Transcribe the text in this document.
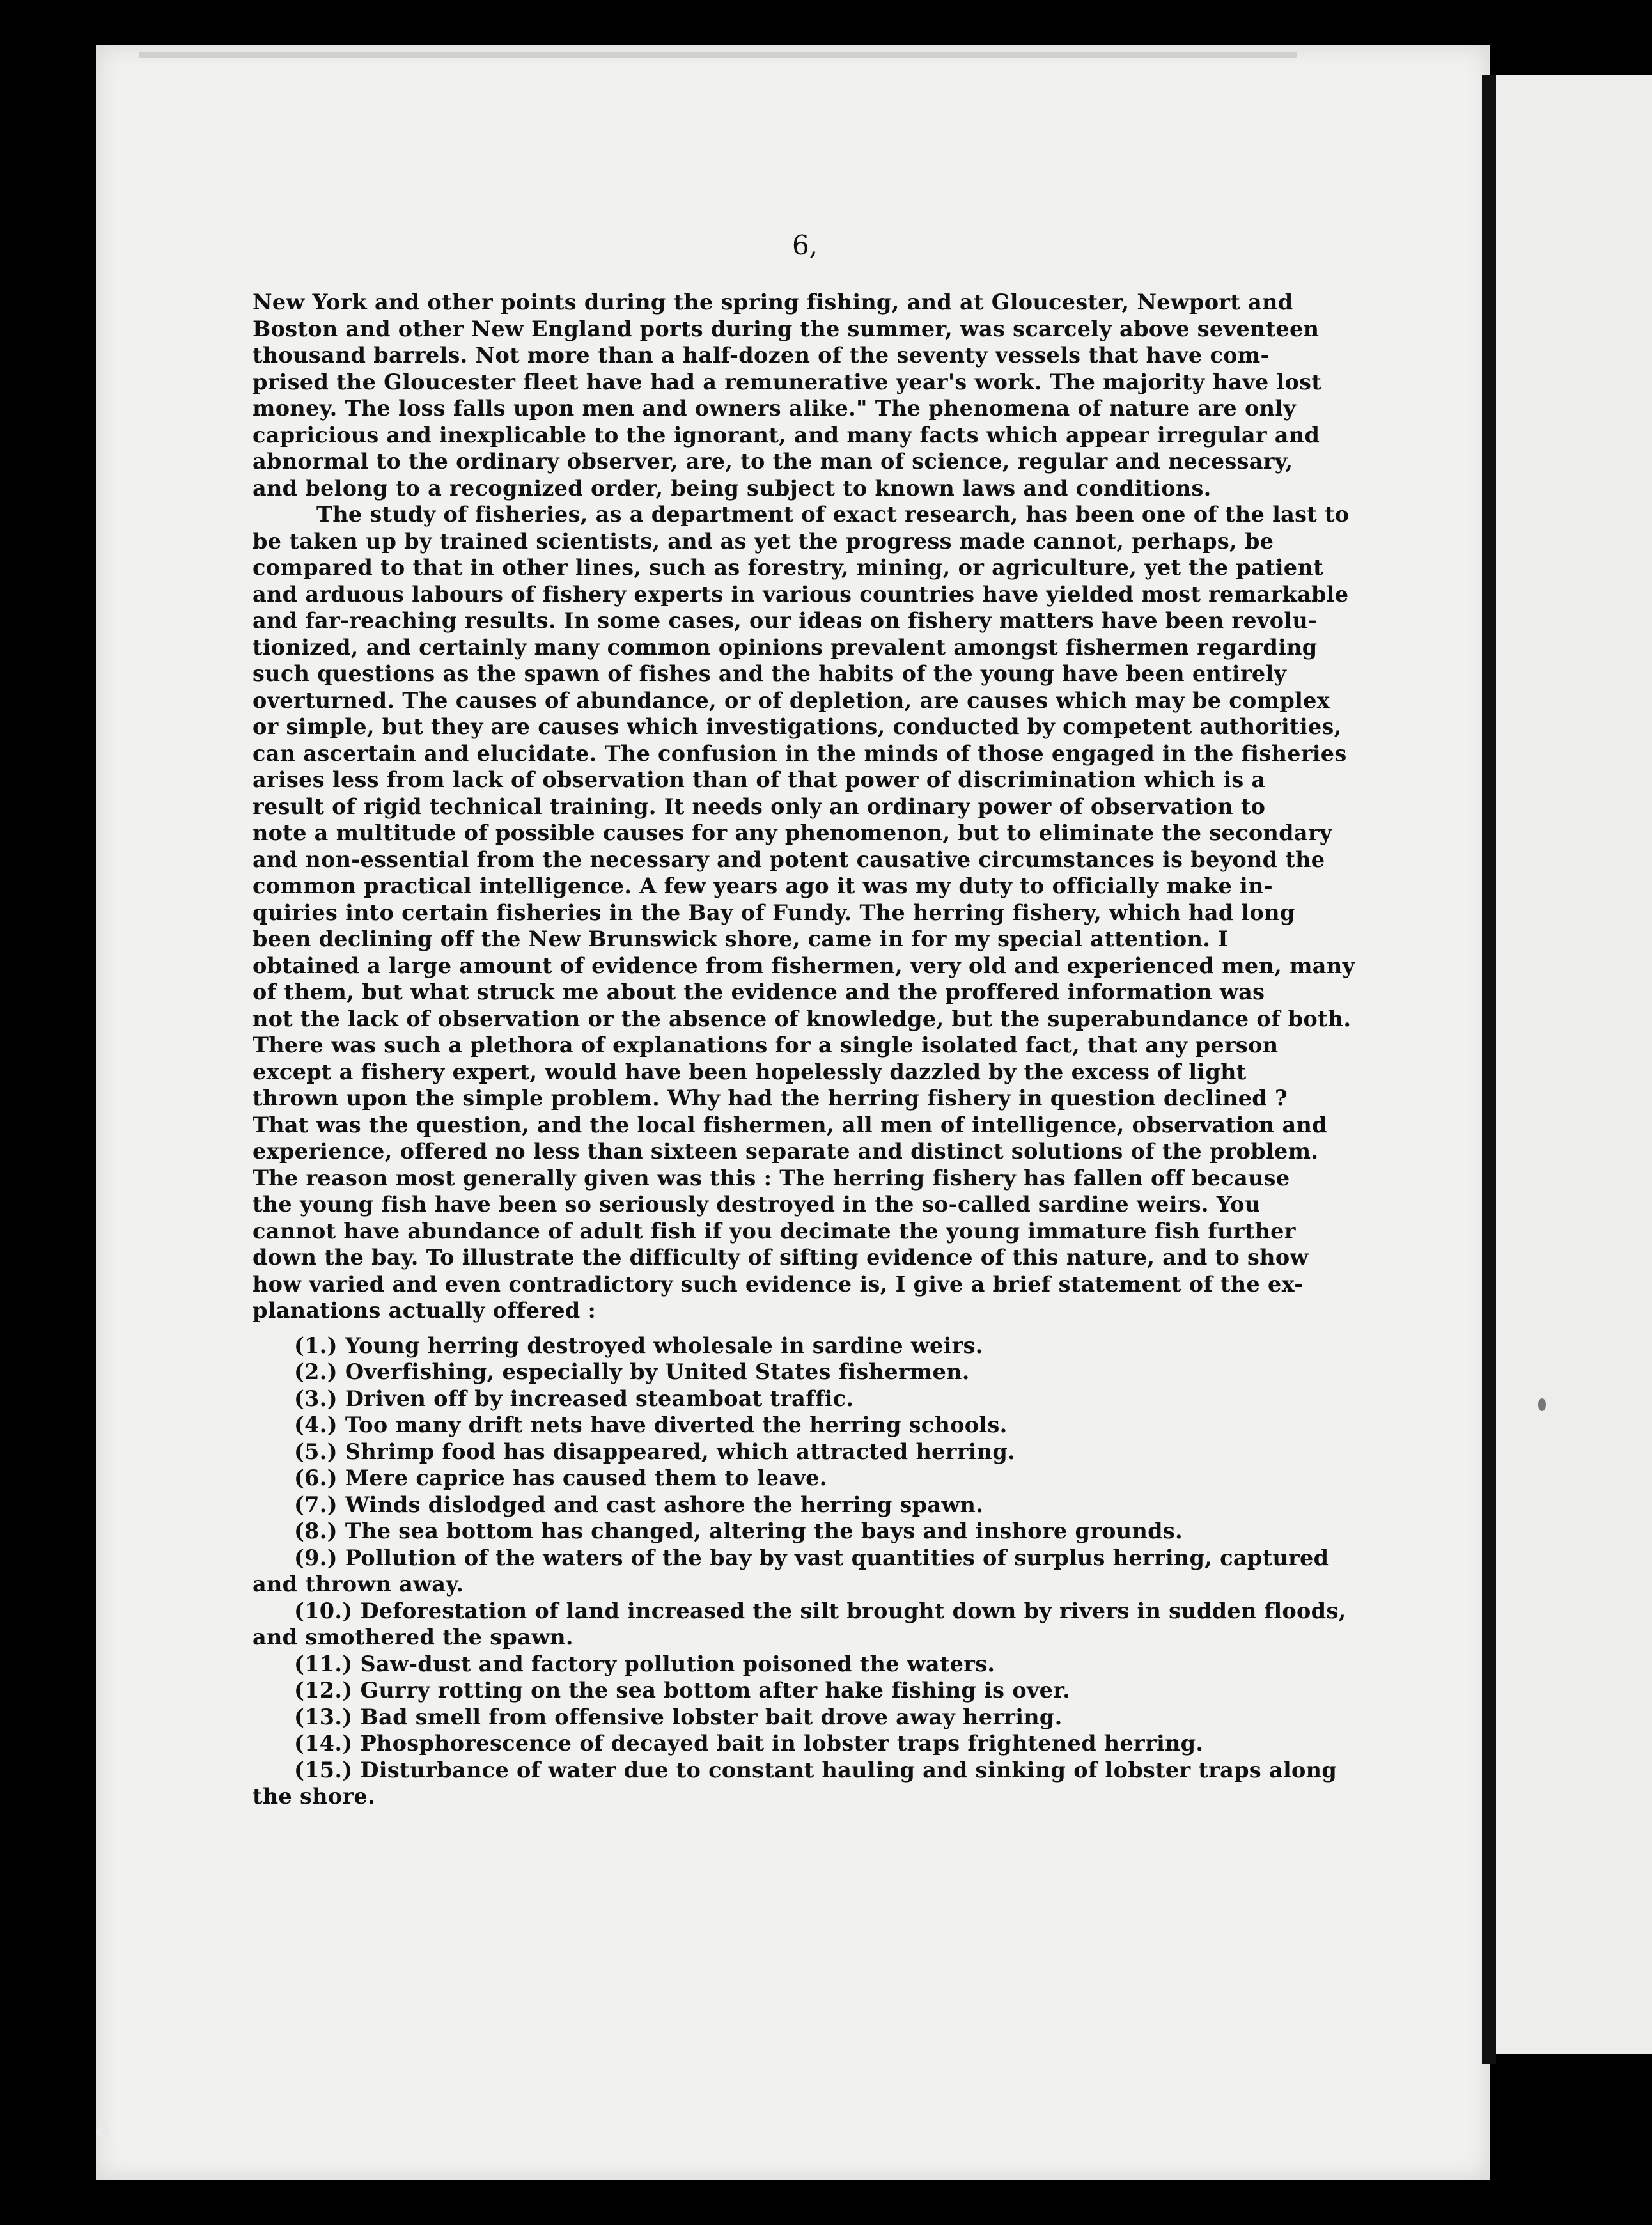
6,
New York and other points during the spring fishing, and at Gloucester, Newport and
Boston and other New England ports during the summer, was scarcely above seventeen
thousand barrels. Not more than a half-dozen of the seventy vessels that have com-
prised the Gloucester fleet have had a remunerative year's work. The majority have lost
money. The loss falls upon men and owners alike." The phenomena of nature are only
capricious and inexplicable to the ignorant, and many facts which appear irregular and
abnormal to the ordinary observer, are, to the man of science, regular and necessary,
and belong to a recognized order, being subject to known laws and conditions.
The study of fisheries, as a department of exact research, has been one of the last to
be taken up by trained scientists, and as yet the progress made cannot, perhaps, be
compared to that in other lines, such as forestry, mining, or agriculture, yet the patient
and arduous labours of fishery experts in various countries have yielded most remarkable
and far-reaching results. In some cases, our ideas on fishery matters have been revolu-
tionized, and certainly many common opinions prevalent amongst fishermen regarding
such questions as the spawn of fishes and the habits of the young have been entirely
overturned. The causes of abundance, or of depletion, are causes which may be complex
or simple, but they are causes which investigations, conducted by competent authorities,
can ascertain and elucidate. The confusion in the minds of those engaged in the fisheries
arises less from lack of observation than of that power of discrimination which is a
result of rigid technical training. It needs only an ordinary power of observation to
note a multitude of possible causes for any phenomenon, but to eliminate the secondary
and non-essential from the necessary and potent causative circumstances is beyond the
common practical intelligence. A few years ago it was my duty to officially make in-
quiries into certain fisheries in the Bay of Fundy. The herring fishery, which had long
been declining off the New Brunswick shore, came in for my special attention. I
obtained a large amount of evidence from fishermen, very old and experienced men, many
of them, but what struck me about the evidence and the proffered information was
not the lack of observation or the absence of knowledge, but the superabundance of both.
There was such a plethora of explanations for a single isolated fact, that any person
except a fishery expert, would have been hopelessly dazzled by the excess of light
thrown upon the simple problem. Why had the herring fishery in question declined ?
That was the question, and the local fishermen, all men of intelligence, observation and
experience, offered no less than sixteen separate and distinct solutions of the problem.
The reason most generally given was this : The herring fishery has fallen off because
the young fish have been so seriously destroyed in the so-called sardine weirs. You
cannot have abundance of adult fish if you decimate the young immature fish further
down the bay. To illustrate the difficulty of sifting evidence of this nature, and to show
how varied and even contradictory such evidence is, I give a brief statement of the ex-
planations actually offered :
(1.) Young herring destroyed wholesale in sardine weirs.
(2.) Overfishing, especially by United States fishermen.
(3.) Driven off by increased steamboat traffic.
(4.) Too many drift nets have diverted the herring schools.
(5.) Shrimp food has disappeared, which attracted herring.
(6.) Mere caprice has caused them to leave.
(7.) Winds dislodged and cast ashore the herring spawn.
(8.) The sea bottom has changed, altering the bays and inshore grounds.
(9.) Pollution of the waters of the bay by vast quantities of surplus herring, captured
and thrown away.
(10.) Deforestation of land increased the silt brought down by rivers in sudden floods,
and smothered the spawn.
(11.) Saw-dust and factory pollution poisoned the waters.
(12.) Gurry rotting on the sea bottom after hake fishing is over.
(13.) Bad smell from offensive lobster bait drove away herring.
(14.) Phosphorescence of decayed bait in lobster traps frightened herring.
(15.) Disturbance of water due to constant hauling and sinking of lobster traps along
the shore.
